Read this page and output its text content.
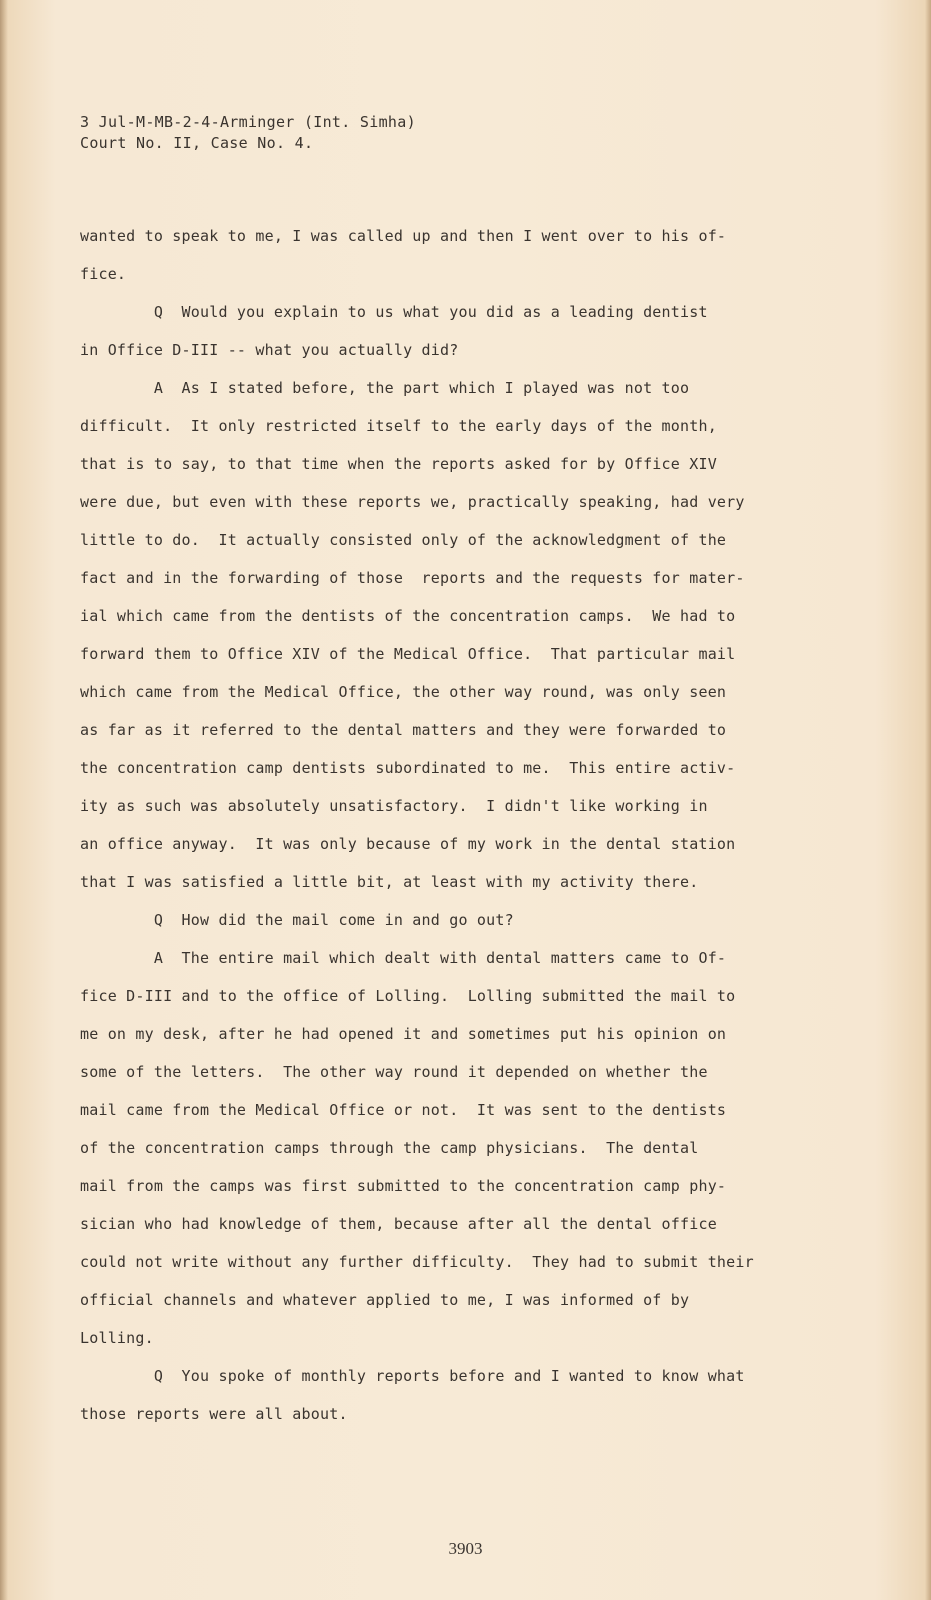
3 Jul-M-MB-2-4-Arminger (Int. Simha)
Court No. II, Case No. 4.
wanted to speak to me, I was called up and then I went over to his of-
fice.
Q  Would you explain to us what you did as a leading dentist
in Office D-III -- what you actually did?
A  As I stated before, the part which I played was not too
difficult.  It only restricted itself to the early days of the month,
that is to say, to that time when the reports asked for by Office XIV
were due, but even with these reports we, practically speaking, had very
little to do.  It actually consisted only of the acknowledgment of the
fact and in the forwarding of those  reports and the requests for mater-
ial which came from the dentists of the concentration camps.  We had to
forward them to Office XIV of the Medical Office.  That particular mail
which came from the Medical Office, the other way round, was only seen
as far as it referred to the dental matters and they were forwarded to
the concentration camp dentists subordinated to me.  This entire activ-
ity as such was absolutely unsatisfactory.  I didn't like working in
an office anyway.  It was only because of my work in the dental station
that I was satisfied a little bit, at least with my activity there.
Q  How did the mail come in and go out?
A  The entire mail which dealt with dental matters came to Of-
fice D-III and to the office of Lolling.  Lolling submitted the mail to
me on my desk, after he had opened it and sometimes put his opinion on
some of the letters.  The other way round it depended on whether the
mail came from the Medical Office or not.  It was sent to the dentists
of the concentration camps through the camp physicians.  The dental
mail from the camps was first submitted to the concentration camp phy-
sician who had knowledge of them, because after all the dental office
could not write without any further difficulty.  They had to submit their
official channels and whatever applied to me, I was informed of by
Lolling.
Q  You spoke of monthly reports before and I wanted to know what
those reports were all about.
3903
